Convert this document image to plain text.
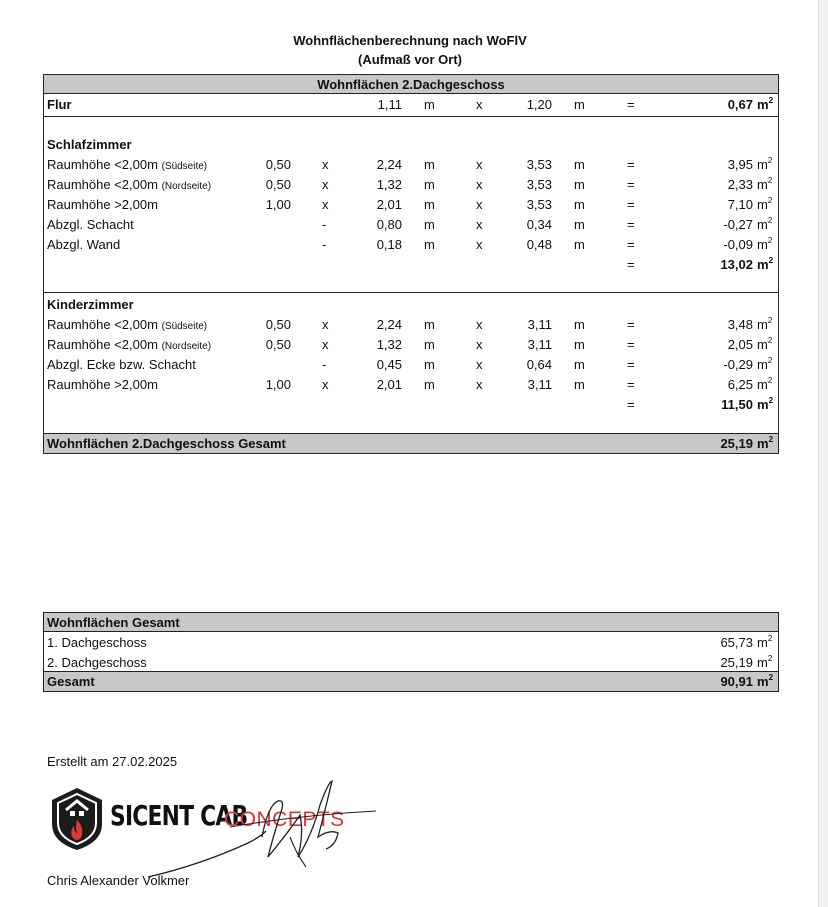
Wohnflächenberechnung nach WoFlV
(Aufmaß vor Ort)
Wohnflächen 2.Dachgeschoss
Flur	1,11 m	x	1,20 m	=	0,67 $m^2$
Schlafzimmer
Raumhöhe <2,00m (Südseite)	0,50 x	2,24 m	x	3,53 m	=	3,95 $m^2$
Raumhöhe <2,00m (Nordseite)	0,50 x	1,32 m	x	3,53 m	=	2,33 $m^2$
Raumhöhe >2,00m	1,00 x	2,01 m	x	3,53 m	=	7,10 $m^2$
Abzgl. Schacht	-	0,80 m	x	0,34 m	=	-0,27 $m^2$
Abzgl. Wand	-	0,18 m	x	0,48 m	=	-0,09 $m^2$
=	13,02 $m^2$
Kinderzimmer
Raumhöhe <2,00m (Südseite)	0,50 x	2,24 m	x	3,11 m	=	3,48 $m^2$
Raumhöhe <2,00m (Nordseite)	0,50 x	1,32 m	x	3,11 m	=	2,05 $m^2$
Abzgl. Ecke bzw. Schacht	-	0,45 m	x	0,64 m	=	-0,29 $m^2$
Raumhöhe >2,00m	1,00 x	2,01 m	x	3,11 m	=	6,25 $m^2$
=	11,50 $m^2$
Wohnflächen 2.Dachgeschoss Gesamt	25,19 $m^2$
Wohnflächen Gesamt
1. Dachgeschoss	65,73 $m^2$
2. Dachgeschoss	25,19 $m^2$
Gesamt	90,91 $m^2$
Erstellt am 27.02.2025
SICENT CAB
CONCEPTS
Chris Alexander Volkmer
